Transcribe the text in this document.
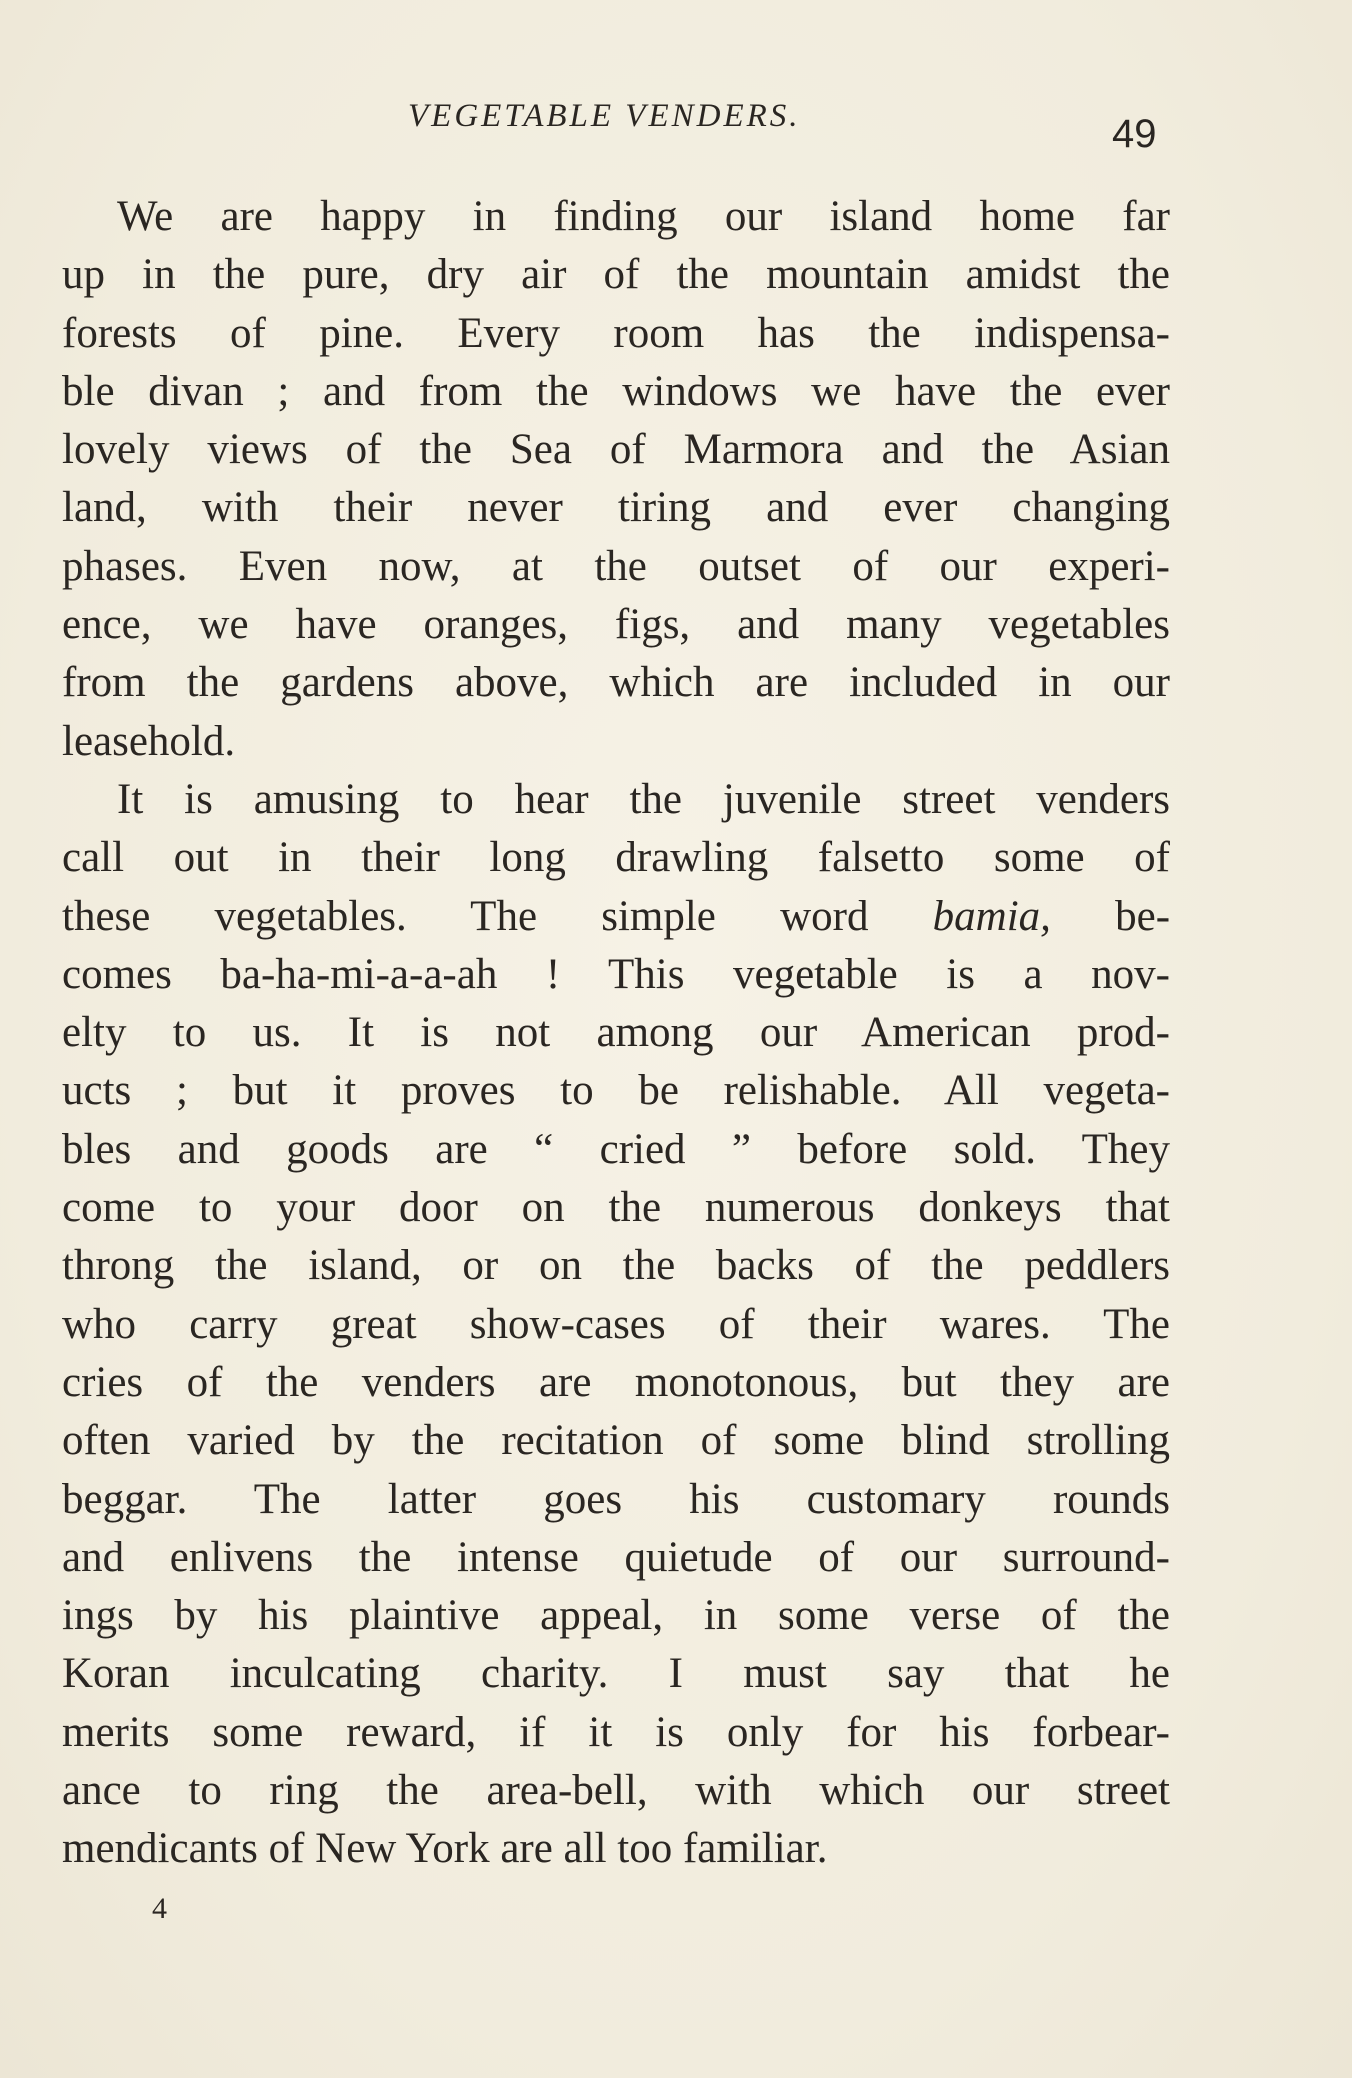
VEGETABLE VENDERS.	49
We are happy in finding our island home far
up in the pure, dry air of the mountain amidst the
forests of pine. Every room has the indispensa-
ble divan ; and from the windows we have the ever
lovely views of the Sea of Marmora and the Asian
land, with their never tiring and ever changing
phases. Even now, at the outset of our experi-
ence, we have oranges, figs, and many vegetables
from the gardens above, which are included in our
leasehold.
It is amusing to hear the juvenile street venders
call out in their long drawling falsetto some of
these vegetables. The simple word bamia, be-
comes ba-ha-mi-a-a-ah ! This vegetable is a nov-
elty to us. It is not among our American prod-
ucts ; but it proves to be relishable. All vegeta-
bles and goods are “ cried ” before sold. They
come to your door on the numerous donkeys that
throng the island, or on the backs of the peddlers
who carry great show-cases of their wares. The
cries of the venders are monotonous, but they are
often varied by the recitation of some blind strolling
beggar. The latter goes his customary rounds
and enlivens the intense quietude of our surround-
ings by his plaintive appeal, in some verse of the
Koran inculcating charity. I must say that he
merits some reward, if it is only for his forbear-
ance to ring the area-bell, with which our street
mendicants of New York are all too familiar.
4
